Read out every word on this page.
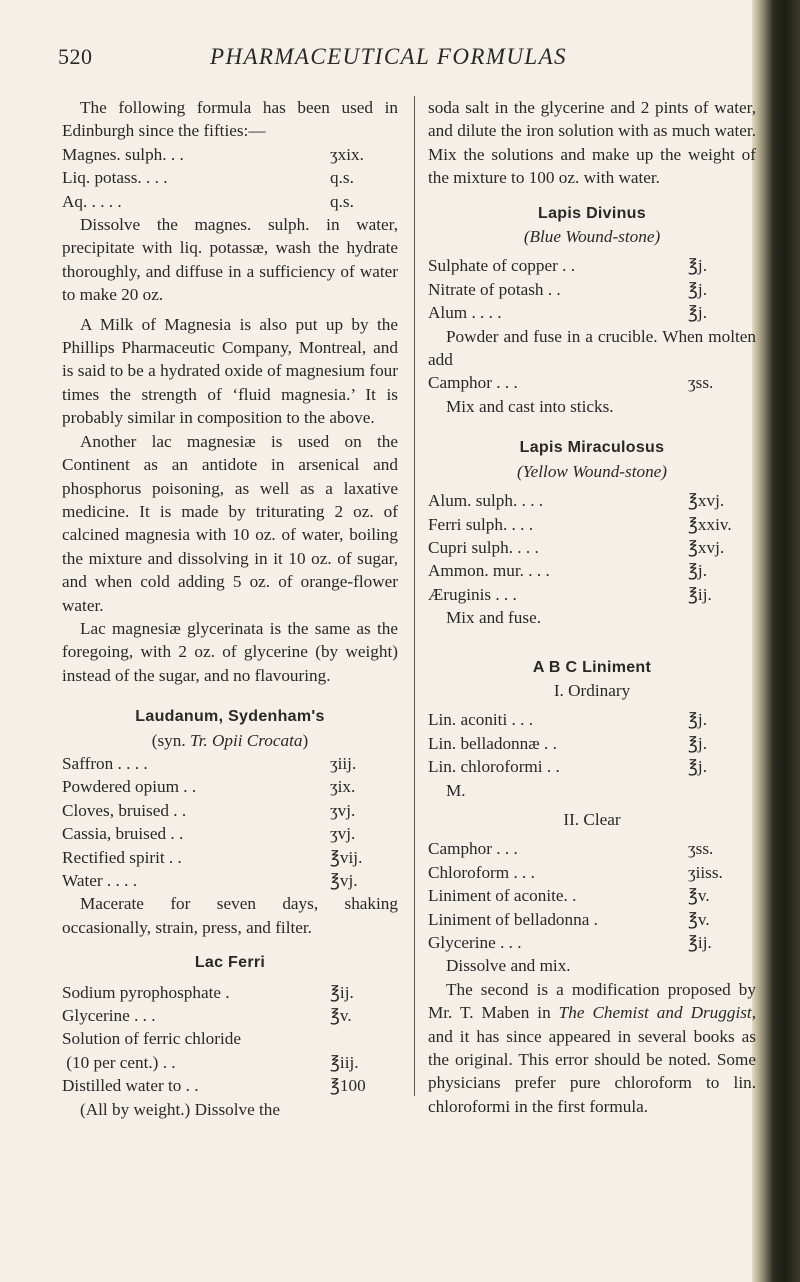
520	PHARMACEUTICAL FORMULAS

The following formula has been used in Edinburgh since the fifties:—

Magnes. sulph. . .	ʒxix.
Liq. potass. . . .	q.s.
Aq. . . . .	q.s.

Dissolve the magnes. sulph. in water, precipitate with liq. potassæ, wash the hydrate thoroughly, and diffuse in a sufficiency of water to make 20 oz.

A Milk of Magnesia is also put up by the Phillips Pharmaceutic Company, Montreal, and is said to be a hydrated oxide of magnesium four times the strength of ‘fluid magnesia.’ It is probably similar in composition to the above.

Another lac magnesiæ is used on the Continent as an antidote in arsenical and phosphorus poisoning, as well as a laxative medicine. It is made by triturating 2 oz. of calcined magnesia with 10 oz. of water, boiling the mixture and dissolving in it 10 oz. of sugar, and when cold adding 5 oz. of orange-flower water.

Lac magnesiæ glycerinata is the same as the foregoing, with 2 oz. of glycerine (by weight) instead of the sugar, and no flavouring.

Laudanum, Sydenham's

(syn. Tr. Opii Crocata)

Saffron . . . .	ʒiij.
Powdered opium . .	ʒix.
Cloves, bruised . .	ʒvj.
Cassia, bruised . .	ʒvj.
Rectified spirit . .	℥vij.
Water . . . .	℥vj.

Macerate for seven days, shaking occasionally, strain, press, and filter.

Lac Ferri

Sodium pyrophosphate .	℥ij.
Glycerine . . .	℥v.

Solution of ferric chloride

(10 per cent.) . .	℥iij.
Distilled water to . .	℥100

(All by weight.) Dissolve the

soda salt in the glycerine and 2 pints of water, and dilute the iron solution with as much water. Mix the solutions and make up the weight of the mixture to 100 oz. with water.

Lapis Divinus

(Blue Wound-stone)

Sulphate of copper . .	℥j.
Nitrate of potash . .	℥j.
Alum . . . .	℥j.

Powder and fuse in a crucible. When molten add

Camphor . . .	ʒss.

Mix and cast into sticks.

Lapis Miraculosus

(Yellow Wound-stone)

Alum. sulph. . . .	℥xvj.
Ferri sulph. . . .	℥xxiv.
Cupri sulph. . . .	℥xvj.
Ammon. mur. . . .	℥j.
Æruginis . . .	℥ij.

Mix and fuse.

A B C Liniment

I. Ordinary

Lin. aconiti . . .	℥j.
Lin. belladonnæ . .	℥j.
Lin. chloroformi . .	℥j.

M.

II. Clear

Camphor . . .	ʒss.
Chloroform . . .	ʒiiss.
Liniment of aconite. .	℥v.
Liniment of belladonna .	℥v.
Glycerine . . .	℥ij.

Dissolve and mix.

The second is a modification proposed by Mr. T. Maben in The Chemist and Druggist, and it has since appeared in several books as the original. This error should be noted. Some physicians prefer pure chloroform to lin. chloroformi in the first formula.
